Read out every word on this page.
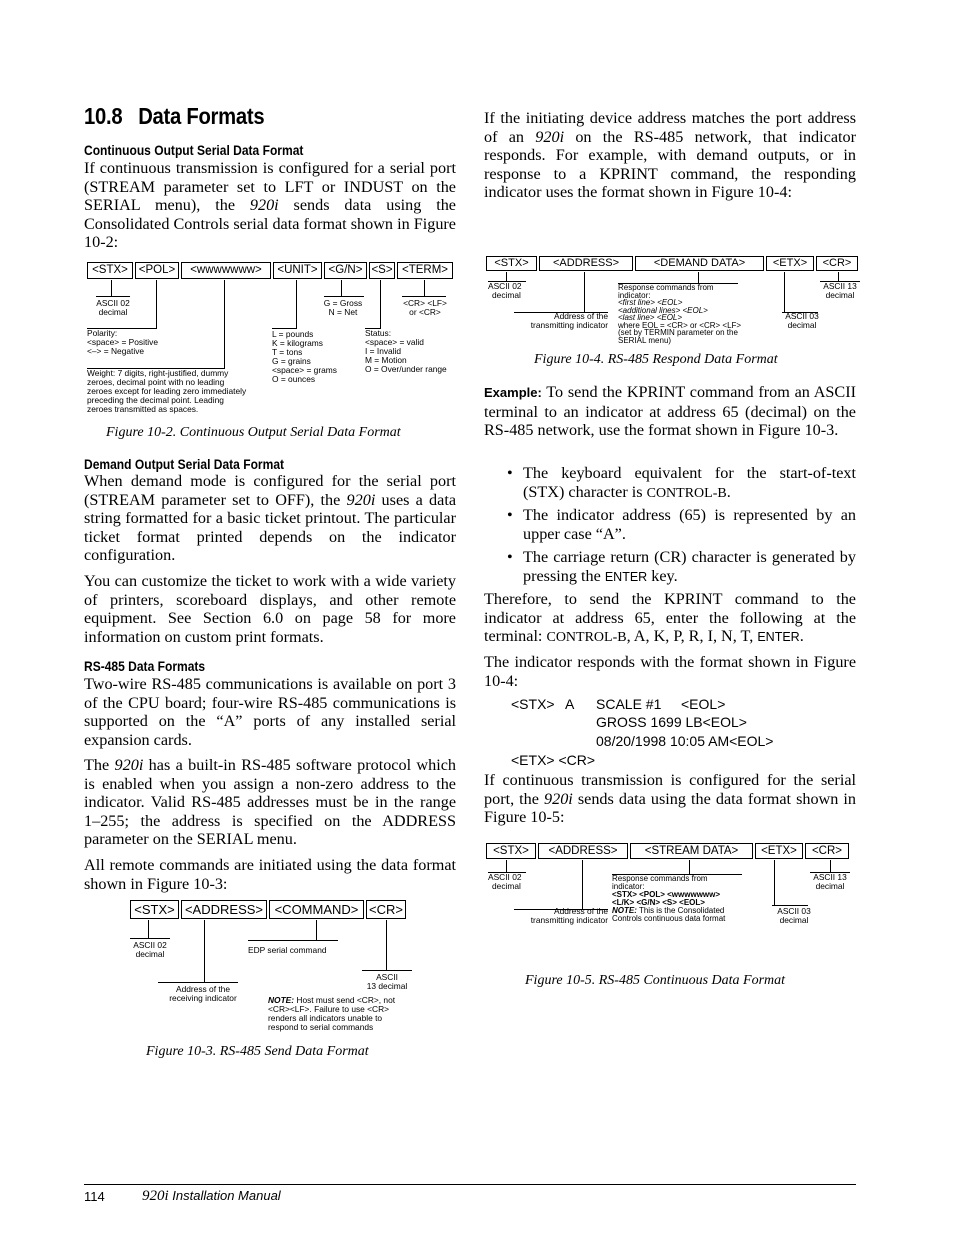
10.8 Data Formats
Continuous Output Serial Data Format
If continuous transmission is configured for a serial port (STREAM parameter set to LFT or INDUST on the SERIAL menu), the 920i sends data using the Consolidated Controls serial data format shown in Figure 10-2:
<STX> <POL>	<wwwwwww>	<UNIT> <G/N> <S> <TERM>
ASCII 02
decimal
G = Gross
N = Net
<CR> <LF>
or <CR>
Polarity:
<space> = Positive
<–> = Negative
L = pounds
K = kilograms
T = tons
G = grains
<space> = grams
O = ounces
Status:
<space> = valid
I = Invalid
M = Motion
O = Over/under range
Weight: 7 digits, right-justified, dummy
zeroes, decimal point with no leading
zeroes except for leading zero immediately
preceding the decimal point. Leading
zeroes transmitted as spaces.
Figure 10-2. Continuous Output Serial Data Format
Demand Output Serial Data Format
When demand mode is configured for the serial port (STREAM parameter set to OFF), the 920i uses a data string formatted for a basic ticket printout. The particular ticket format printed depends on the indicator configuration.
You can customize the ticket to work with a wide variety of printers, scoreboard displays, and other remote equipment. See Section 6.0 on page 58 for more information on custom print formats.
RS-485 Data Formats
Two-wire RS-485 communications is available on port 3 of the CPU board; four-wire RS-485 communications is supported on the “A” ports of any installed serial expansion cards.
The 920i has a built-in RS-485 software protocol which is enabled when you assign a non-zero address to the indicator. Valid RS-485 addresses must be in the range 1–255; the address is specified on the ADDRESS parameter on the SERIAL menu.
All remote commands are initiated using the data format shown in Figure 10-3:
<STX> <ADDRESS> <COMMAND> <CR>
ASCII 02
decimal	EDP serial command
ASCII
13 decimal
Address of the
receiving indicator	NOTE: Host must send <CR>, not
<CR><LF>. Failure to use <CR>
renders all indicators unable to
respond to serial commands
Figure 10-3. RS-485 Send Data Format
If the initiating device address matches the port address of an 920i on the RS-485 network, that indicator responds. For example, with demand outputs, or in response to a KPRINT command, the responding indicator uses the format shown in Figure 10-4:
<STX>	<ADDRESS>	<DEMAND DATA>	<ETX>	<CR>
ASCII 02
decimal
Address of the
transmitting indicator
Response commands from
indicator:
<first line> <EOL>
<additional lines> <EOL>
<last line> <EOL>
where EOL = <CR> or <CR> <LF>
(set by TERMIN parameter on the
SERIAL menu)
ASCII 13
decimal
ASCII 03
decimal
Figure 10-4. RS-485 Respond Data Format
Example: To send the KPRINT command from an ASCII terminal to an indicator at address 65 (decimal) on the RS-485 network, use the format shown in Figure 10-3.
• The keyboard equivalent for the start-of-text (STX) character is CONTROL-B.
• The indicator address (65) is represented by an upper case “A”.
• The carriage return (CR) character is generated by pressing the ENTER key.
Therefore, to send the KPRINT command to the indicator at address 65, enter the following at the terminal: CONTROL-B, A, K, P, R, I, N, T, ENTER.
The indicator responds with the format shown in Figure 10-4:
<STX> A SCALE #1 <EOL>
GROSS 1699 LB<EOL>
08/20/1998 10:05 AM<EOL>
<ETX> <CR>
If continuous transmission is configured for the serial port, the 920i sends data using the data format shown in Figure 10-5:
<STX>	<ADDRESS>	<STREAM DATA>	<ETX>	<CR>
ASCII 02
decimal
Address of the
transmitting indicator
Response commands from
indicator:
<STX> <POL> <wwwwwww>
<L/K> <G/N> <S> <EOL>
NOTE: This is the Consolidated
Controls continuous data format
ASCII 13
decimal
ASCII 03
decimal
Figure 10-5. RS-485 Continuous Data Format
114 920i Installation Manual
